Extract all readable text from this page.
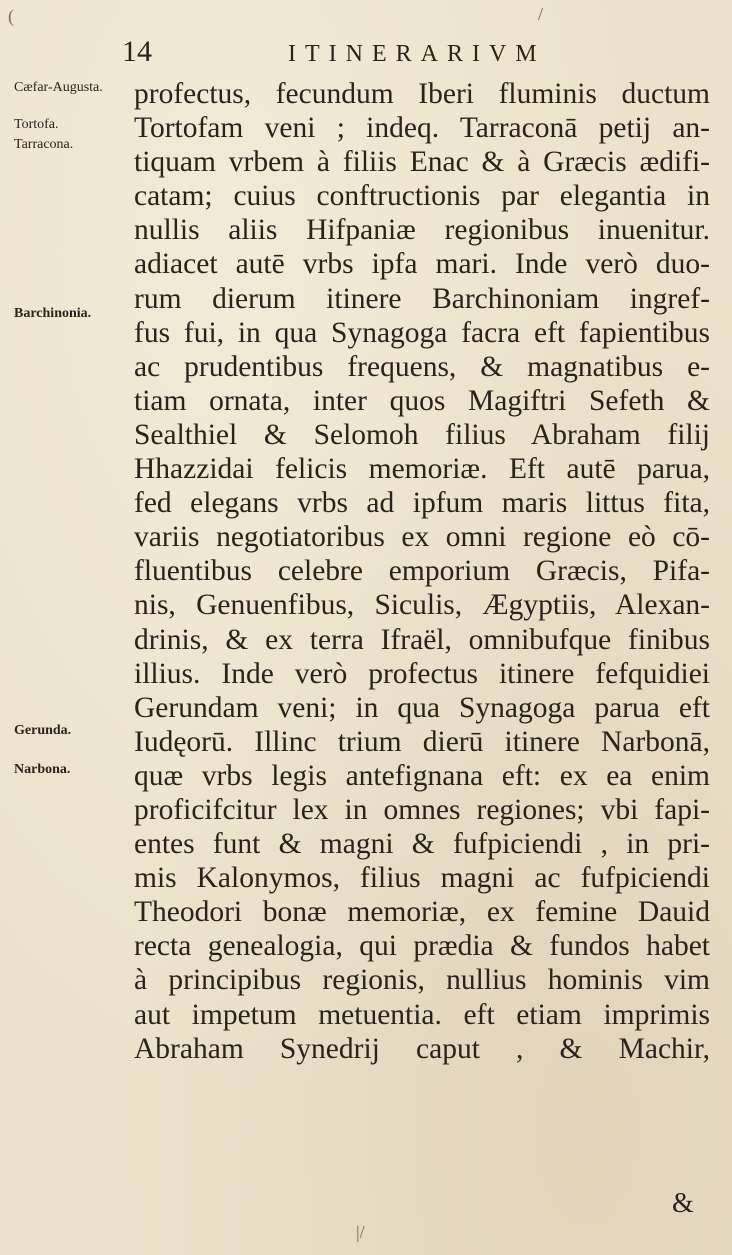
14	ITINERARIVM
Cæfar-Augusta.
Tortofa.
Tarracona.
Barchinonia.
Gerunda.
Narbona.
profectus, fecundum Iberi fluminis ductum
Tortofam veni ; indeq. Tarraconā petij an-
tiquam vrbem à filiis Enac & à Græcis ædifi-
catam; cuius conftructionis par elegantia in
nullis aliis Hifpaniæ regionibus inuenitur.
adiacet autē vrbs ipfa mari. Inde verò duo-
rum dierum itinere Barchinoniam ingref-
fus fui, in qua Synagoga facra eft fapientibus
ac prudentibus frequens, & magnatibus e-
tiam ornata, inter quos Magiftri Sefeth &
Sealthiel & Selomoh filius Abraham filij
Hhazzidai felicis memoriæ. Eft autē parua,
fed elegans vrbs ad ipfum maris littus fita,
variis negotiatoribus ex omni regione eò cō-
fluentibus celebre emporium Græcis, Pifa-
nis, Genuenfibus, Siculis, Ægyptiis, Alexan-
drinis, & ex terra Ifraël, omnibufque finibus
illius. Inde verò profectus itinere fefquidiei
Gerundam veni; in qua Synagoga parua eft
Iudęorū. Illinc trium dierū itinere Narbonā,
quæ vrbs legis antefignana eft: ex ea enim
proficifcitur lex in omnes regiones; vbi fapi-
entes funt & magni & fufpiciendi , in pri-
mis Kalonymos, filius magni ac fufpiciendi
Theodori bonæ memoriæ, ex femine Dauid
recta genealogia, qui prædia & fundos habet
à principibus regionis, nullius hominis vim
aut impetum metuentia. eft etiam imprimis
Abraham Synedrij caput , & Machir,
&
/
(
|/
